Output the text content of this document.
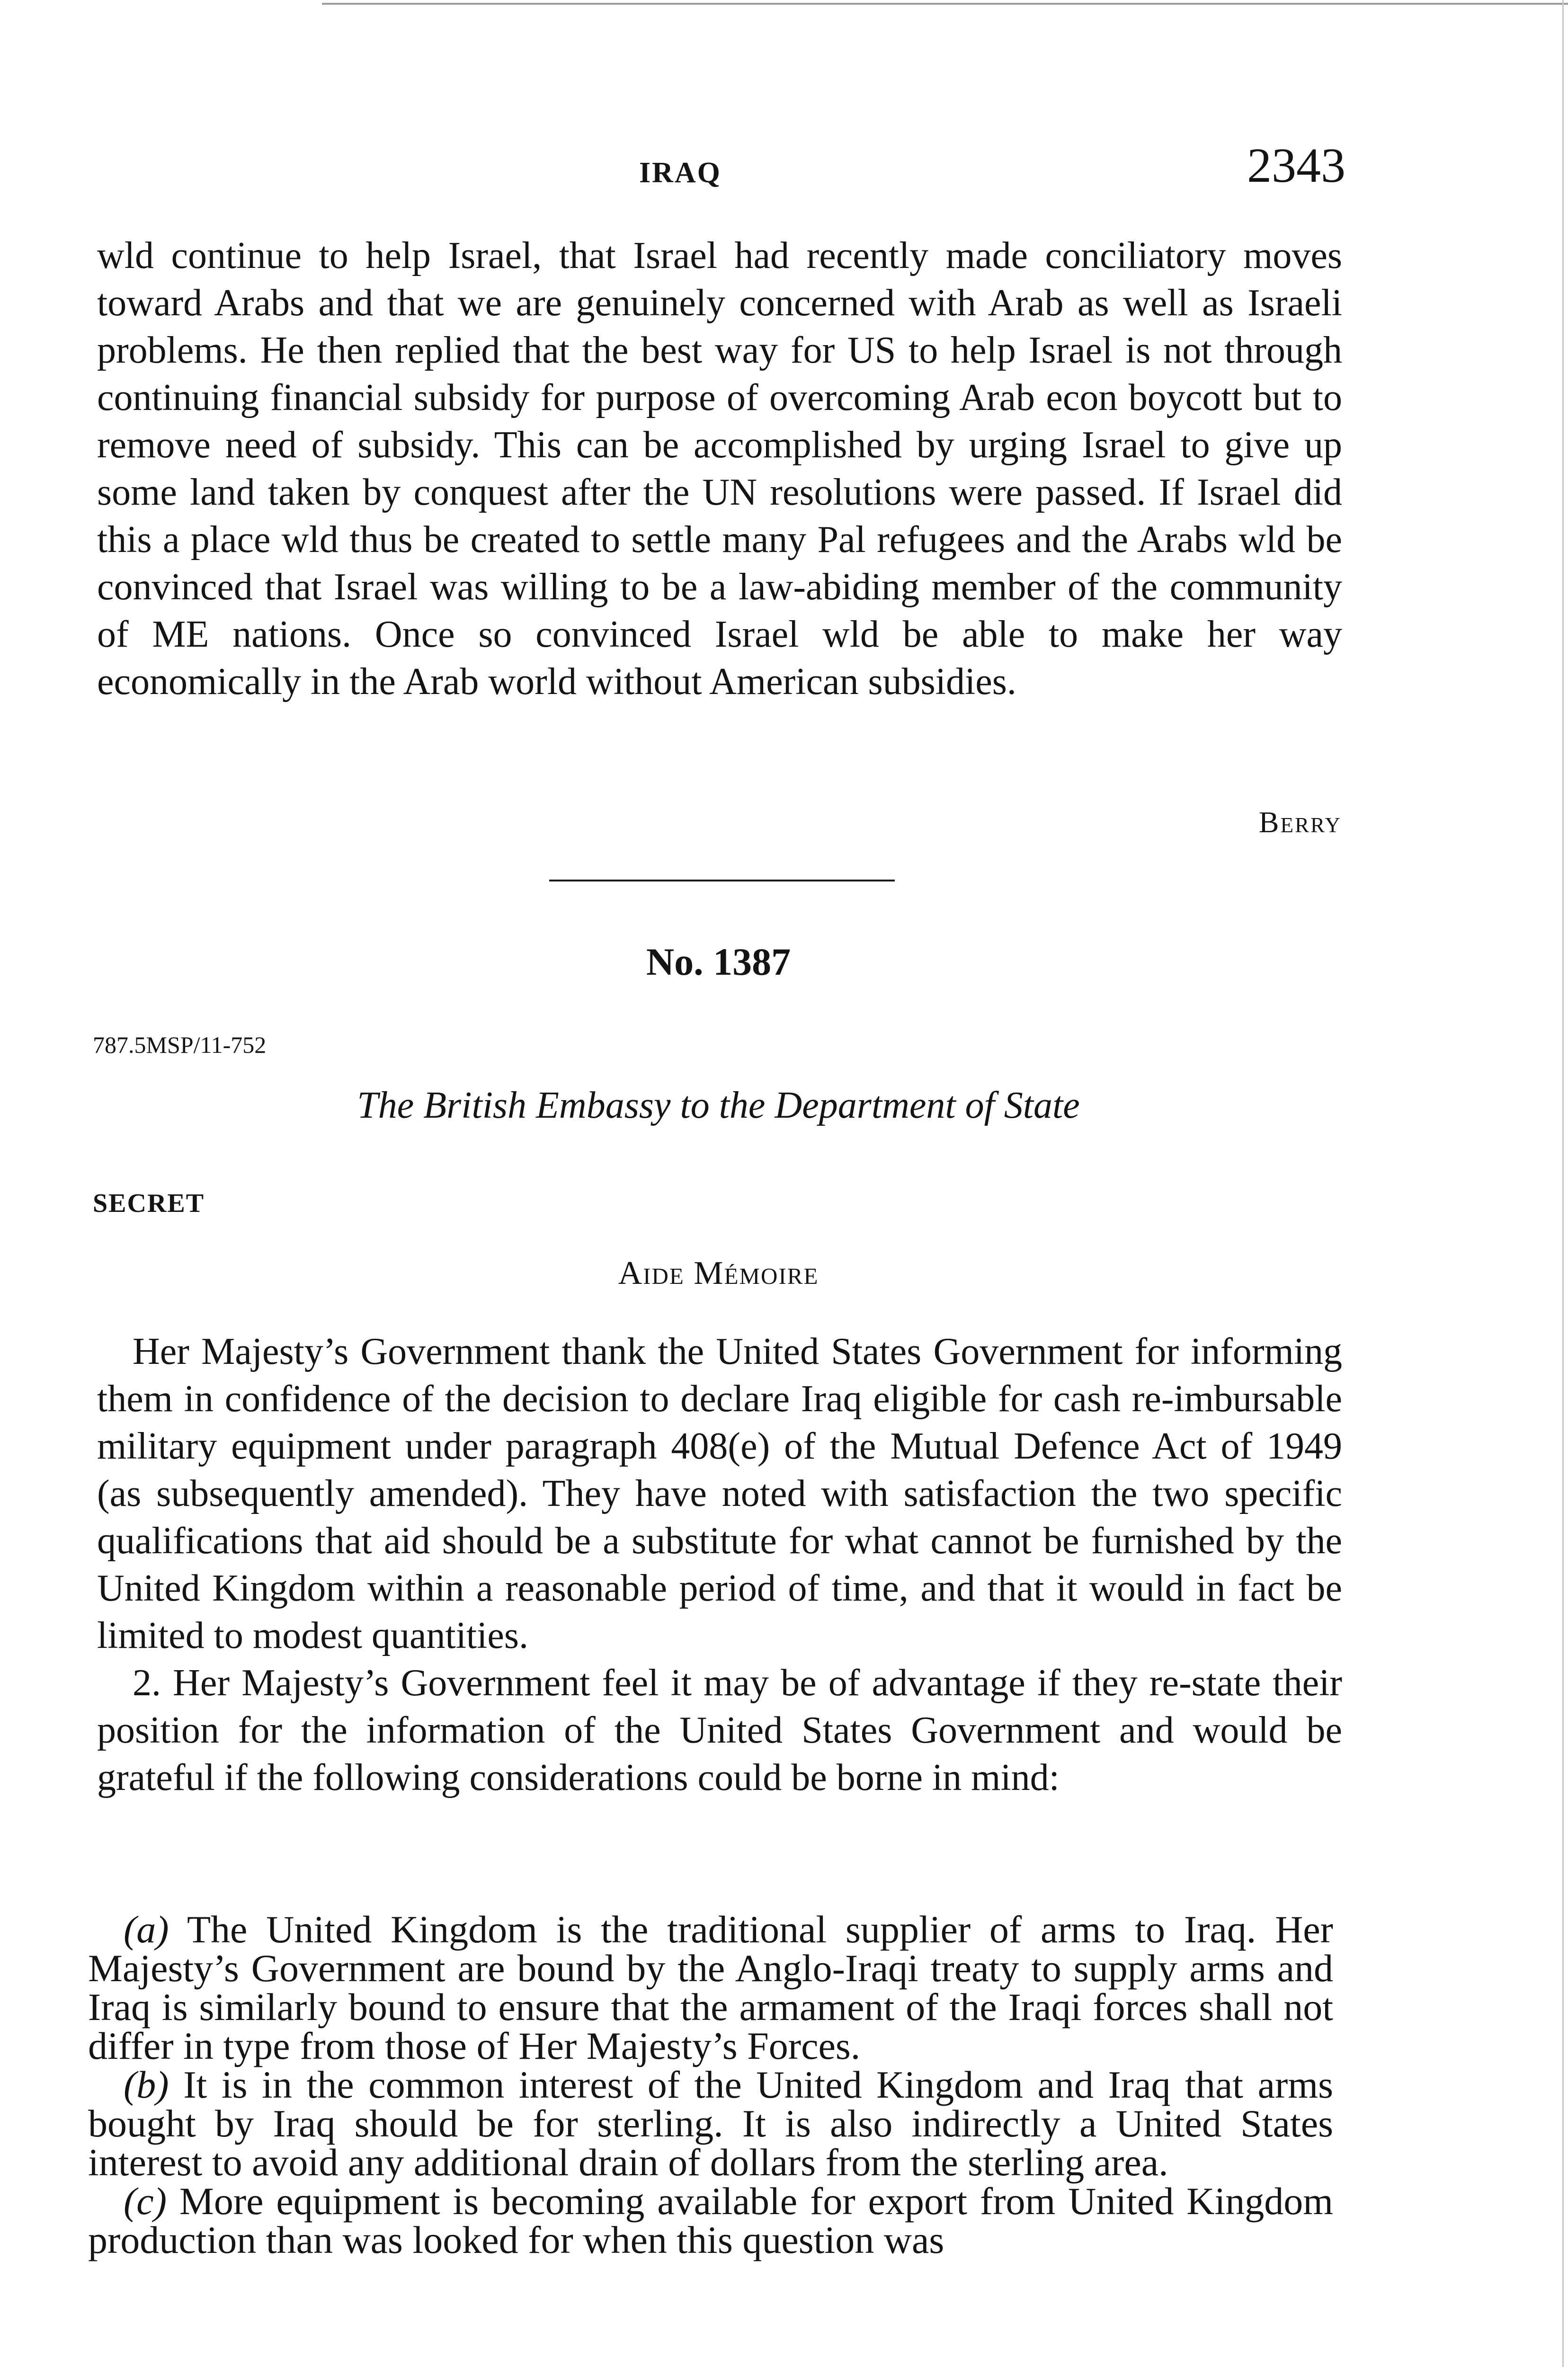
IRAQ	2343

wld continue to help Israel, that Israel had recently made conciliatory moves toward Arabs and that we are genuinely concerned with Arab as well as Israeli problems. He then replied that the best way for US to help Israel is not through continuing financial subsidy for purpose of overcoming Arab econ boycott but to remove need of subsidy. This can be accomplished by urging Israel to give up some land taken by conquest after the UN resolutions were passed. If Israel did this a place wld thus be created to settle many Pal refugees and the Arabs wld be convinced that Israel was willing to be a law-abiding member of the community of ME nations. Once so convinced Israel wld be able to make her way economically in the Arab world without American subsidies.

Berry
No. 1387
787.5MSP/11-752
The British Embassy to the Department of State
SECRET
Aide Mémoire

Her Majesty’s Government thank the United States Government for informing them in confidence of the decision to declare Iraq eligible for cash re-imbursable military equipment under paragraph 408(e) of the Mutual Defence Act of 1949 (as subsequently amended). They have noted with satisfaction the two specific qualifications that aid should be a substitute for what cannot be furnished by the United Kingdom within a reasonable period of time, and that it would in fact be limited to modest quantities.

2. Her Majesty’s Government feel it may be of advantage if they re-state their position for the information of the United States Government and would be grateful if the following considerations could be borne in mind:

(a) The United Kingdom is the traditional supplier of arms to Iraq. Her Majesty’s Government are bound by the Anglo-Iraqi treaty to supply arms and Iraq is similarly bound to ensure that the armament of the Iraqi forces shall not differ in type from those of Her Majesty’s Forces.

(b) It is in the common interest of the United Kingdom and Iraq that arms bought by Iraq should be for sterling. It is also indirectly a United States interest to avoid any additional drain of dollars from the sterling area.

(c) More equipment is becoming available for export from United Kingdom production than was looked for when this question was
